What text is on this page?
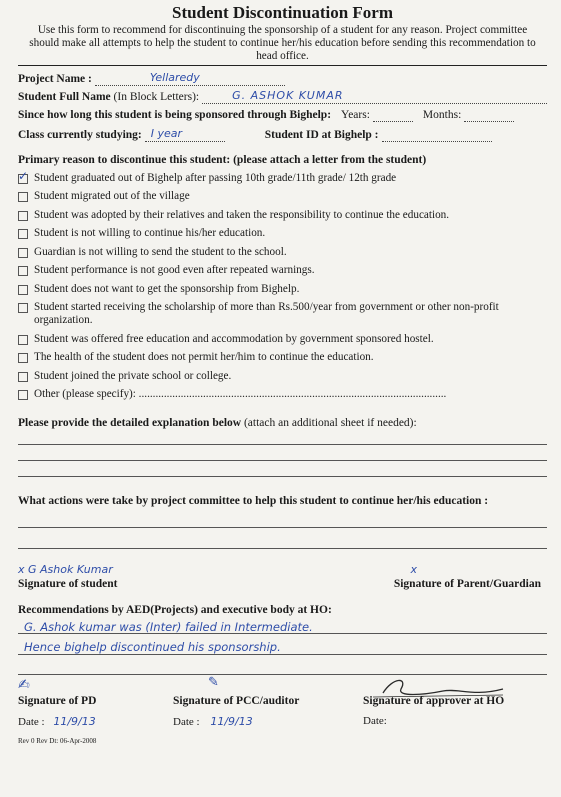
Student Discontinuation Form
Use this form to recommend for discontinuing the sponsorship of a student for any reason. Project committee should make all attempts to help the student to continue her/his education before sending this recommendation to head office.
Project Name :	Yellaredy
Student Full Name
(In Block Letters):	G. ASHOK KUMAR
Since how long this student is being sponsored through Bighelp: Years:	Months:
Class currently studying: I year	Student ID at Bighelp :
Primary reason to discontinue this student: (please attach a letter from the student)
✓
Student graduated out of Bighelp after passing 10th grade/11th grade/ 12th grade
Student migrated out of the village
Student was adopted by their relatives and taken the responsibility to continue the education.
Student is not willing to continue his/her education.
Guardian is not willing to send the student to the school.
Student performance is not good even after repeated warnings.
Student does not want to get the sponsorship from Bighelp.
Student started receiving the scholarship of more than Rs.500/year from government or other non-profit organization.
Student was offered free education and accommodation by government sponsored hostel.
The health of the student does not permit her/him to continue the education.
Student joined the private school or college.
Other (please specify): ..............................................................................................................
Please provide the detailed explanation below (attach an additional sheet if needed):
What actions were take by project committee to help this student to continue her/his education :
x G Ashok Kumar	x
Signature of student	Signature of Parent/Guardian
Recommendations by AED(Projects) and executive body at HO:
G. Ashok kumar was (Inter) failed in Intermediate.
Hence bighelp discontinued his sponsorship.
✍	✎
Signature of PD	Signature of PCC/auditor	Signature of approver at HO
Date : 11/9/13	Date : 11/9/13	Date:
Rev 0 Rev Dt: 06-Apr-2008
